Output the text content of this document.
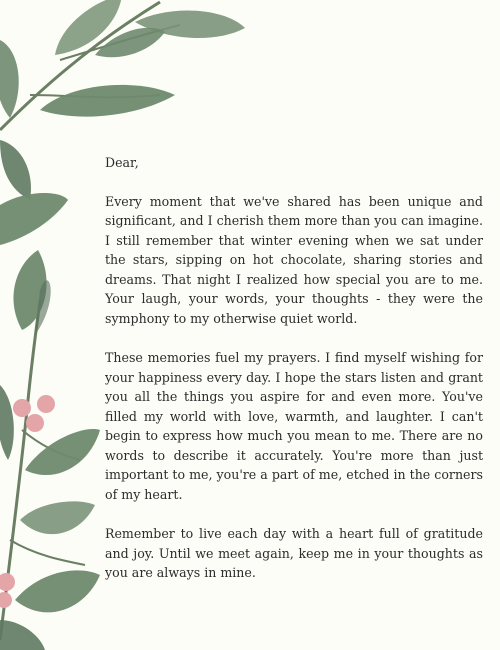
Dear,

Every moment that we've shared has been unique and significant, and I cherish them more than you can imagine. I still remember that winter evening when we sat under the stars, sipping on hot chocolate, sharing stories and dreams. That night I realized how special you are to me. Your laugh, your words, your thoughts - they were the symphony to my otherwise quiet world.

These memories fuel my prayers. I find myself wishing for your happiness every day. I hope the stars listen and grant you all the things you aspire for and even more. You've filled my world with love, warmth, and laughter. I can't begin to express how much you mean to me. There are no words to describe it accurately. You're more than just important to me, you're a part of me, etched in the corners of my heart.

Remember to live each day with a heart full of gratitude and joy. Until we meet again, keep me in your thoughts as you are always in mine.
